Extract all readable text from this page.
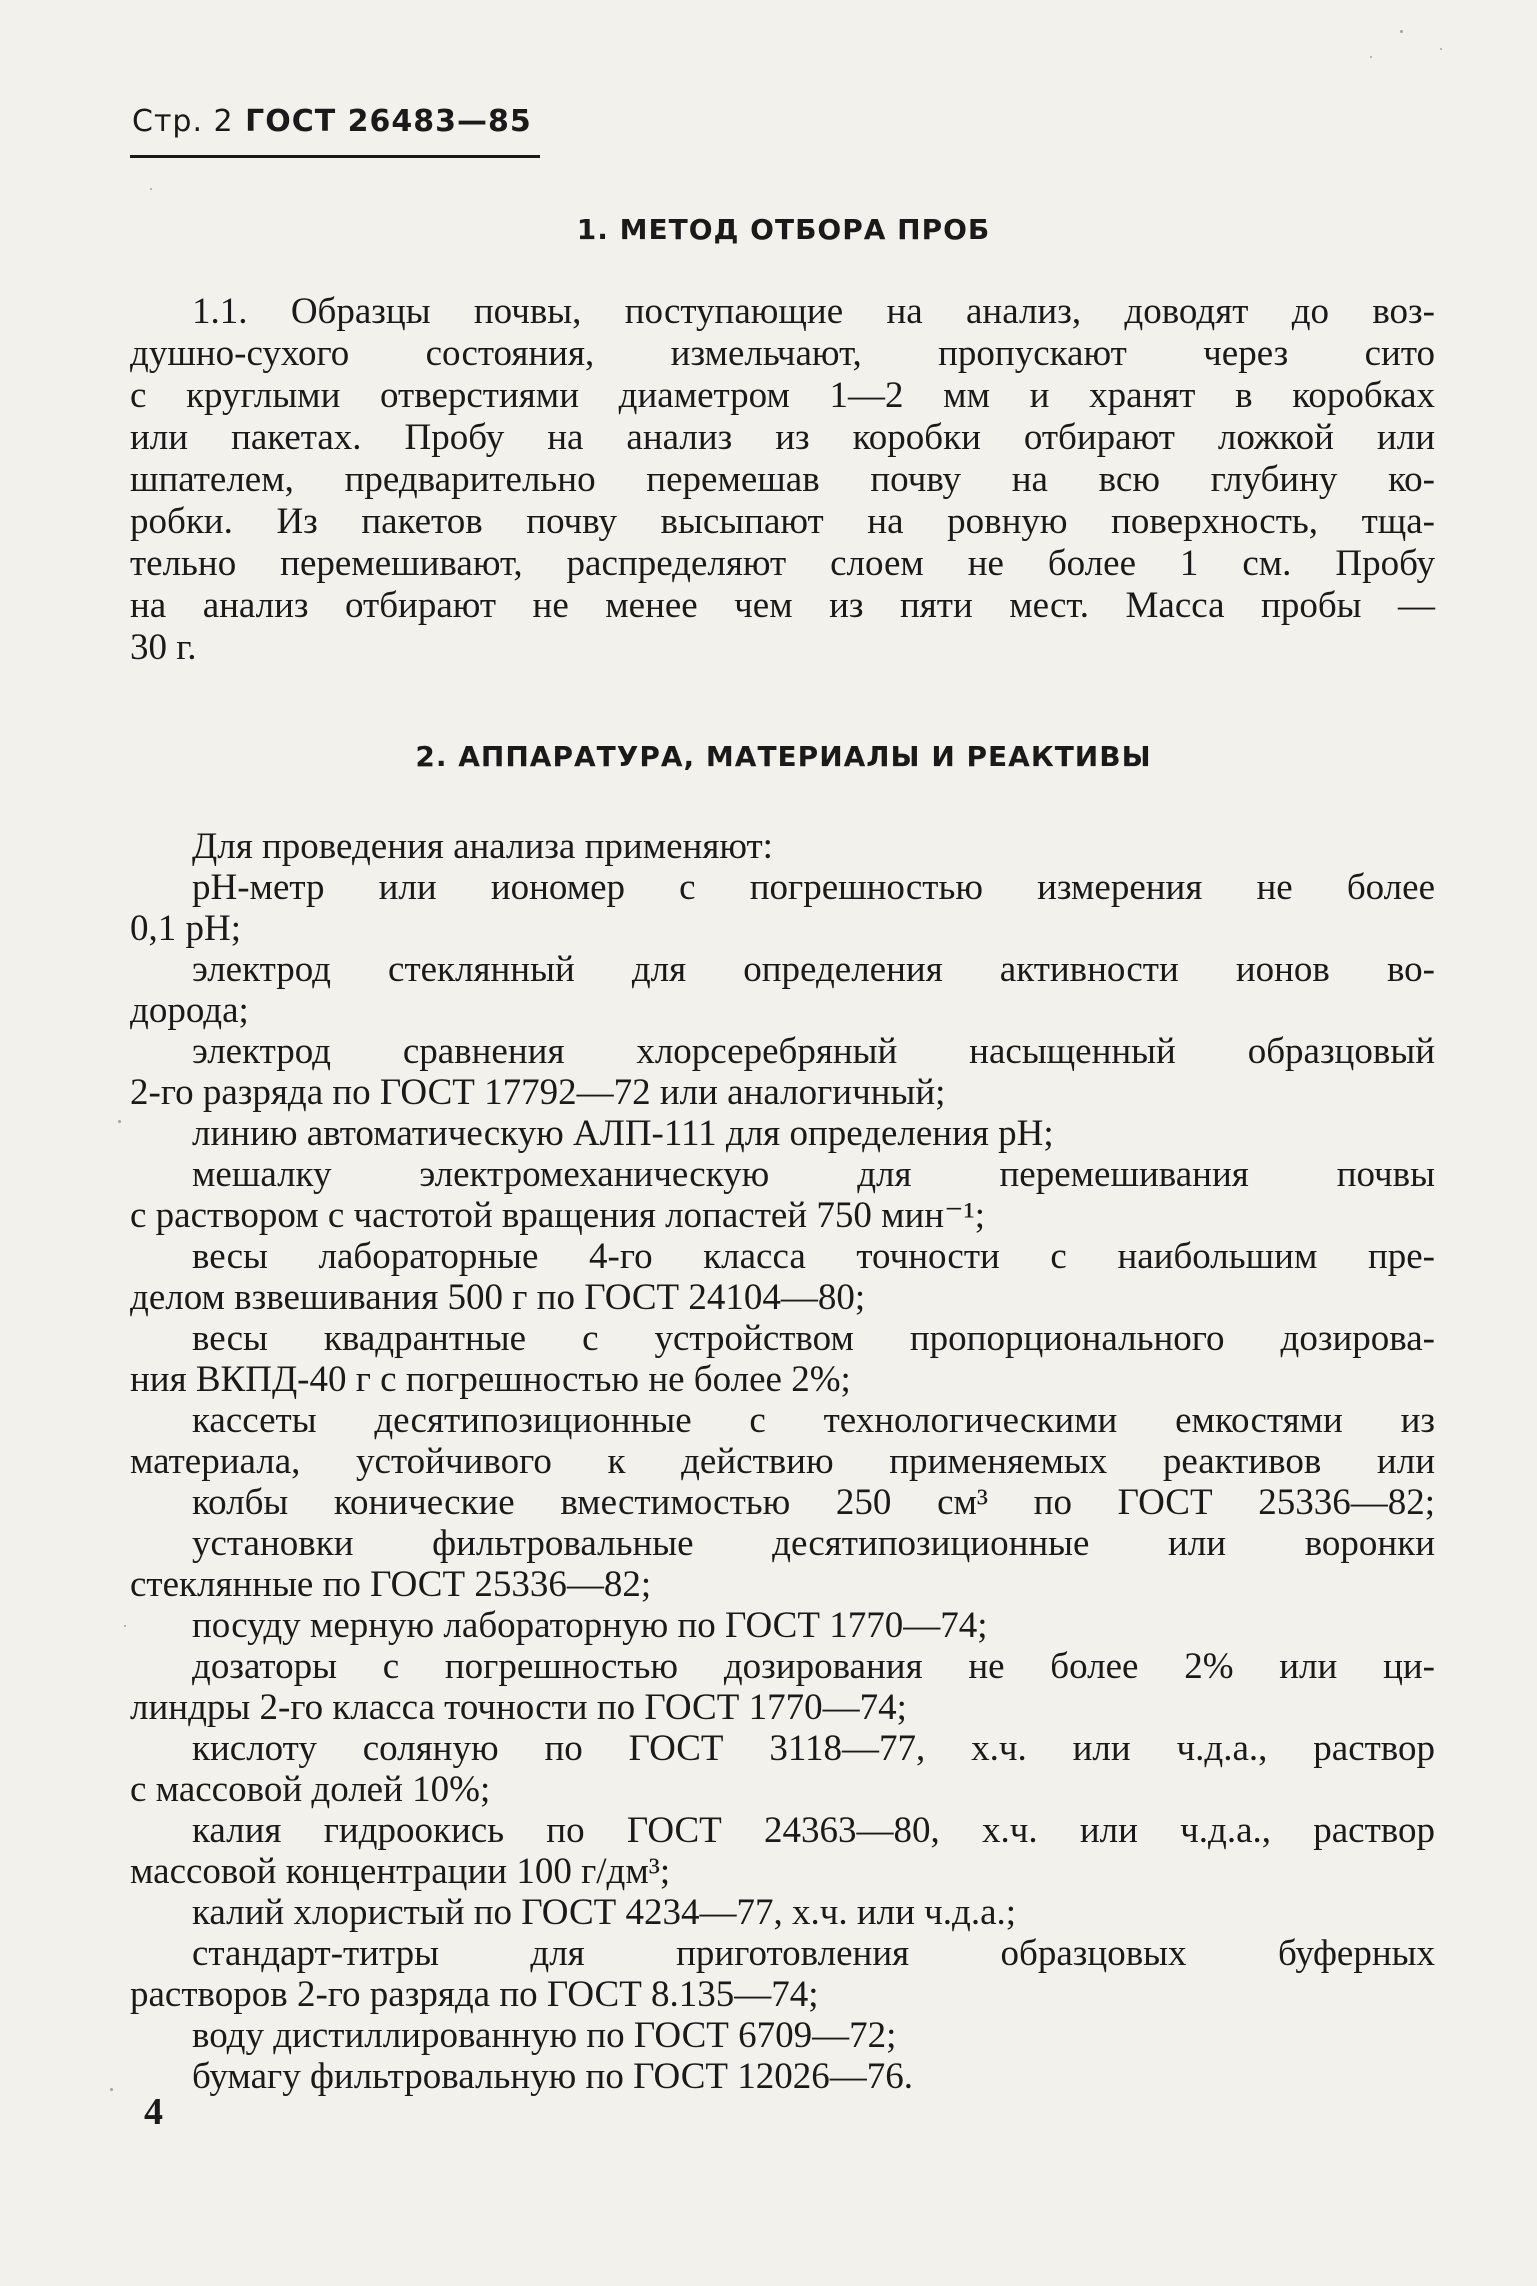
Стр. 2 ГОСТ 26483—85
1. МЕТОД ОТБОРА ПРОБ
1.1. Образцы почвы, поступающие на анализ, доводят до воз-
душно-сухого состояния, измельчают, пропускают через сито
с круглыми отверстиями диаметром 1—2 мм и хранят в коробках
или пакетах. Пробу на анализ из коробки отбирают ложкой или
шпателем, предварительно перемешав почву на всю глубину ко-
робки. Из пакетов почву высыпают на ровную поверхность, тща-
тельно перемешивают, распределяют слоем не более 1 см. Пробу
на анализ отбирают не менее чем из пяти мест. Масса пробы —
30 г.
2. АППАРАТУРА, МАТЕРИАЛЫ И РЕАКТИВЫ
Для проведения анализа применяют:
рН-метр или иономер с погрешностью измерения не более
0,1 рН;
электрод стеклянный для определения активности ионов во-
дорода;
электрод сравнения хлорсеребряный насыщенный образцовый
2-го разряда по ГОСТ 17792—72 или аналогичный;
линию автоматическую АЛП-111 для определения рН;
мешалку электромеханическую для перемешивания почвы
с раствором с частотой вращения лопастей 750 мин⁻¹;
весы лабораторные 4-го класса точности с наибольшим пре-
делом взвешивания 500 г по ГОСТ 24104—80;
весы квадрантные с устройством пропорционального дозирова-
ния ВКПД-40 г с погрешностью не более 2%;
кассеты десятипозиционные с технологическими емкостями из
материала, устойчивого к действию применяемых реактивов или
колбы конические вместимостью 250 см³ по ГОСТ 25336—82;
установки фильтровальные десятипозиционные или воронки
стеклянные по ГОСТ 25336—82;
посуду мерную лабораторную по ГОСТ 1770—74;
дозаторы с погрешностью дозирования не более 2% или ци-
линдры 2-го класса точности по ГОСТ 1770—74;
кислоту соляную по ГОСТ 3118—77, х.ч. или ч.д.а., раствор
с массовой долей 10%;
калия гидроокись по ГОСТ 24363—80, х.ч. или ч.д.а., раствор
массовой концентрации 100 г/дм³;
калий хлористый по ГОСТ 4234—77, х.ч. или ч.д.а.;
стандарт-титры для приготовления образцовых буферных
растворов 2-го разряда по ГОСТ 8.135—74;
воду дистиллированную по ГОСТ 6709—72;
бумагу фильтровальную по ГОСТ 12026—76.
4
